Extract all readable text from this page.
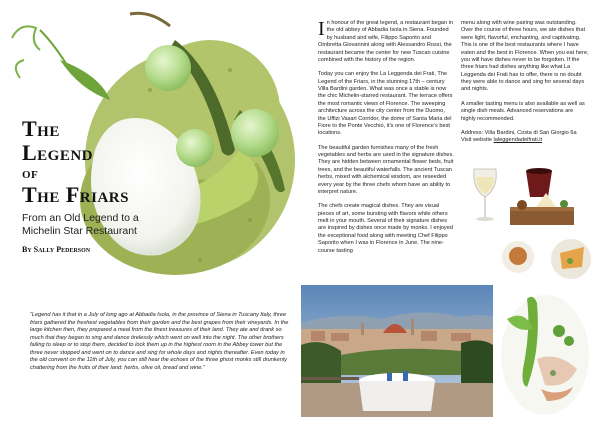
The
Legend
of
The Friars
From an Old Legend to a Michelin Star Restaurant
By Sally Pederson
“Legend has it that in a July of long ago at Abbadia Isola, in the province of Siena in Tuscany Italy, three friars gathered the freshest vegetables from their garden and the best grapes from their vineyards. In the large kitchen then, they prepared a meal from the finest treasures of their land. They ate and drank so much that they began to sing and dance tirelessly which went on well into the night. The other brothers failing to sleep or to stop them, decided to lock them up in the highest room in the Abbey tower but the three never stopped and went on to dance and sing for whole days and nights thereafter. Even today in the old convent on the 11th of July, you can still hear the echoes of the three ghost monks still drunkenly chattering from the fruits of their land: herbs, olive oil, bread and wine.”

In honour of the great legend, a restaurant began in the old abbey of Abbadia Isola in Siena. Founded by husband and wife, Filippo Saporito and Ombretta Giovannini along with Alessandro Rossi, the restaurant became the center for new Tuscan cuisine combined with the history of the region.

Today you can enjoy the La Leggenda dei Frati, The Legend of the Friars, in the stunning 17th – century Villa Bardini garden. What was once a stable is now the chic Michelin-starred restaurant. The terrace offers the most romantic views of Florence. The sweeping architecture across the city center from the Duomo, the Uffizi Vasari Corridor, the dome of Santa Maria del Fiore to the Ponte Vecchio, it’s one of Florence’s best locations.

The beautiful garden furnishes many of the fresh vegetables and herbs are used in the signature dishes. They are hidden between ornamental flower beds, fruit trees, and the beautiful waterfalls. The ancient Tuscan herbs, mixed with alchemical wisdom, are reseeded every year by the three chefs whom have an ability to interpret nature.

The chefs create magical dishes. They are visual pieces of art, some bursting with flavors while others melt in your mouth. Several of their signature dishes are inspired by dishes once made by monks. I enjoyed the exceptional food along with meeting Chef Filippo Saporito when I was in Florence in June. The nine-course tasting

menu along with wine pairing was outstanding. Over the course of three hours, we ate dishes that were light, flavorful, enchanting, and captivating. This is one of the best restaurants where I have eaten and the best in Florence. When you eat here, you will have dishes never to be forgotten. If the three friars had dishes anything like what La Leggenda dei Frati has to offer, there is no doubt they were able to dance and sing for several days and nights.

A smaller tasting menu is also available as well as single dish meals. Advanced reservations are highly recommended.

Address: Villa Bardini, Costa di San Giorgio 6a
Visit website laleggendadeifrati.it
